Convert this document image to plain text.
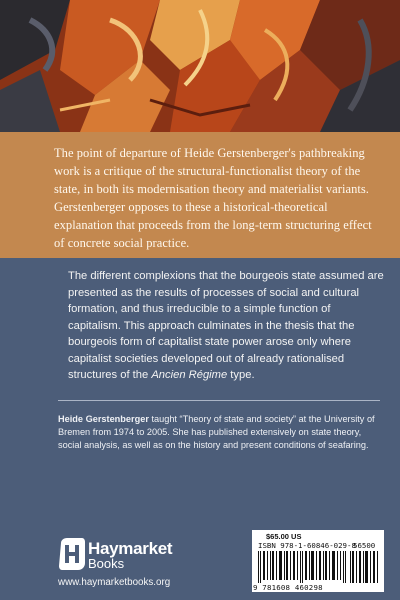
The point of departure of Heide Gerstenberger's pathbreaking work is a critique of the structural-functionalist theory of the state, in both its modernisation theory and materialist variants. Gerstenberger opposes to these a historical-theoretical explanation that proceeds from the long-term structuring effect of concrete social practice.

The different complexions that the bourgeois state assumed are presented as the results of processes of social and cultural formation, and thus irreducible to a simple function of capitalism. This approach culminates in the thesis that the bourgeois form of capitalist state power arose only where capitalist societies developed out of already rationalised structures of the Ancien Régime type.

Heide Gerstenberger taught “Theory of state and society” at the University of Bremen from 1974 to 2005. She has published extensively on state theory, social analysis, as well as on the history and present conditions of seafaring.

Haymarket
Books
www.haymarketbooks.org
$65.00 US
ISBN 978-1-60846-029-8
56500
9 781608 460298
